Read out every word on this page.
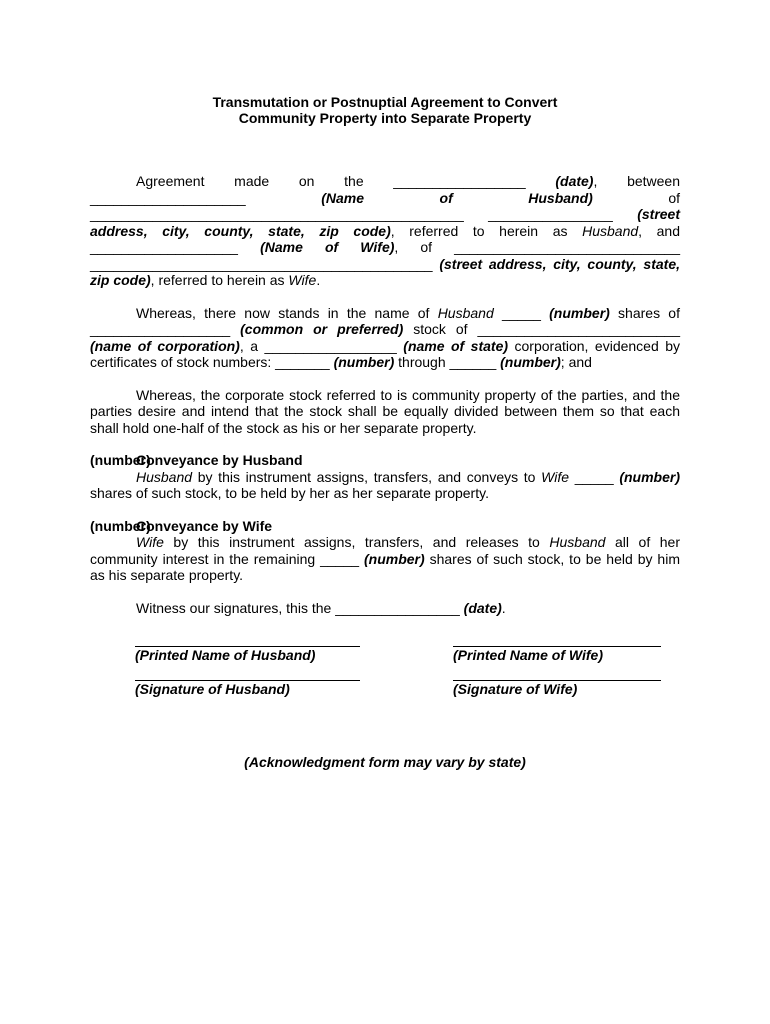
Transmutation or Postnuptial Agreement to Convert
Community Property into Separate Property

Agreement made on the _________________ (date), between ____________________ (Name of Husband) of ________________________________________________ ________________ (street address, city, county, state, zip code), referred to herein as Husband, and ___________________ (Name of Wife), of _____________________________ ____________________________________________ (street address, city, county, state, zip code), referred to herein as Wife.

Whereas, there now stands in the name of Husband _____ (number) shares of __________________ (common or preferred) stock of __________________________ (name of corporation), a _________________ (name of state) corporation, evidenced by certificates of stock numbers: _______ (number) through ______ (number); and

Whereas, the corporate stock referred to is community property of the parties, and the parties desire and intend that the stock shall be equally divided between them so that each shall hold one-half of the stock as his or her separate property.

(number)Conveyance by Husband
Husband by this instrument assigns, transfers, and conveys to Wife _____ (number) shares of such stock, to be held by her as her separate property.
(number)Conveyance by Wife
Wife by this instrument assigns, transfers, and releases to Husband all of her community interest in the remaining _____ (number) shares of such stock, to be held by him as his separate property.

Witness our signatures, this the ________________ (date).

(Printed Name of Husband)
(Signature of Husband)
(Printed Name of Wife)
(Signature of Wife)
(Acknowledgment form may vary by state)
